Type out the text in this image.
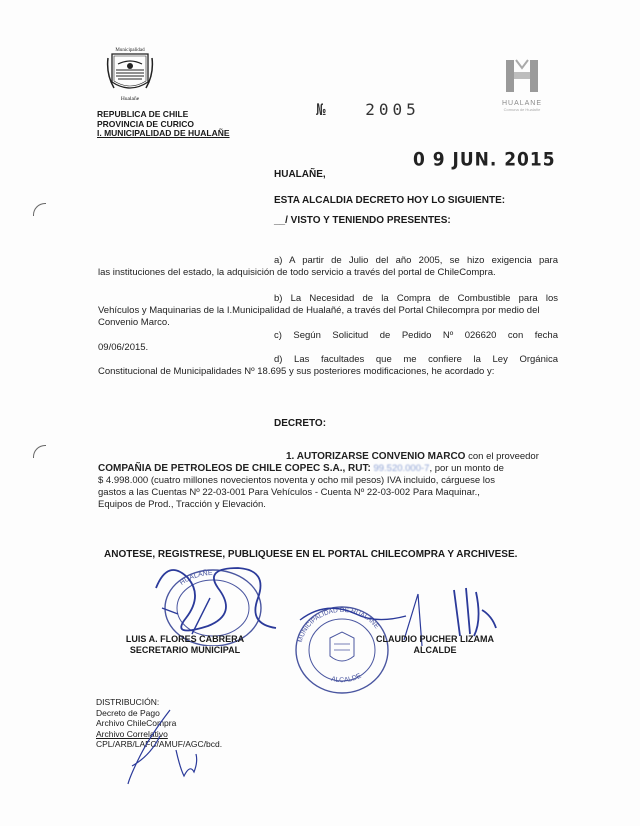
Municipalidad
Hualañe
REPUBLICA DE CHILE
PROVINCIA DE CURICO
I. MUNICIPALIDAD DE HUALAÑE
HUALANE
Comuna de Hualañe
№ 2005
0 9 JUN. 2015
HUALAÑE,
ESTA ALCALDIA DECRETO HOY LO SIGUIENTE:
__/ VISTO Y TENIENDO PRESENTES:
a) A partir de Julio del año 2005, se hizo exigencia para
las instituciones del estado, la adquisición de todo servicio a través del portal de ChileCompra.
b) La Necesidad de la Compra de Combustible para los
Vehículos y Maquinarias de la I.Municipalidad de Hualañé, a través del Portal Chilecompra por medio del Convenio Marco.
c) Según Solicitud de Pedido Nº 026620 con fecha
09/06/2015.
d) Las facultades que me confiere la Ley Orgánica
Constitucional de Municipalidades Nº 18.695 y sus posteriores modificaciones, he acordado y:
DECRETO:
1. AUTORIZARSE CONVENIO MARCO con el proveedor
COMPAÑIA DE PETROLEOS DE CHILE COPEC S.A., RUT: 99.520.000-7, por un monto de
$ 4.998.000 (cuatro millones novecientos noventa y ocho mil pesos) IVA incluido, cárguese los
gastos a las Cuentas Nº 22-03-001 Para Vehículos - Cuenta Nº 22-03-002 Para Maquinar.,
Equipos de Prod., Tracción y Elevación.
ANOTESE, REGISTRESE, PUBLIQUESE EN EL PORTAL CHILECOMPRA Y ARCHIVESE.
HUALAÑE
MUNICIPALIDAD DE HUALAÑE
ALCALDE
LUIS A. FLORES CABRERA
SECRETARIO MUNICIPAL
CLAUDIO PUCHER LIZAMA
ALCALDE
DISTRIBUCIÓN:
Decreto de Pago
Archivo ChileCompra
Archivo Correlativo
CPL/ARB/LAFC/AMUF/AGC/bcd.
